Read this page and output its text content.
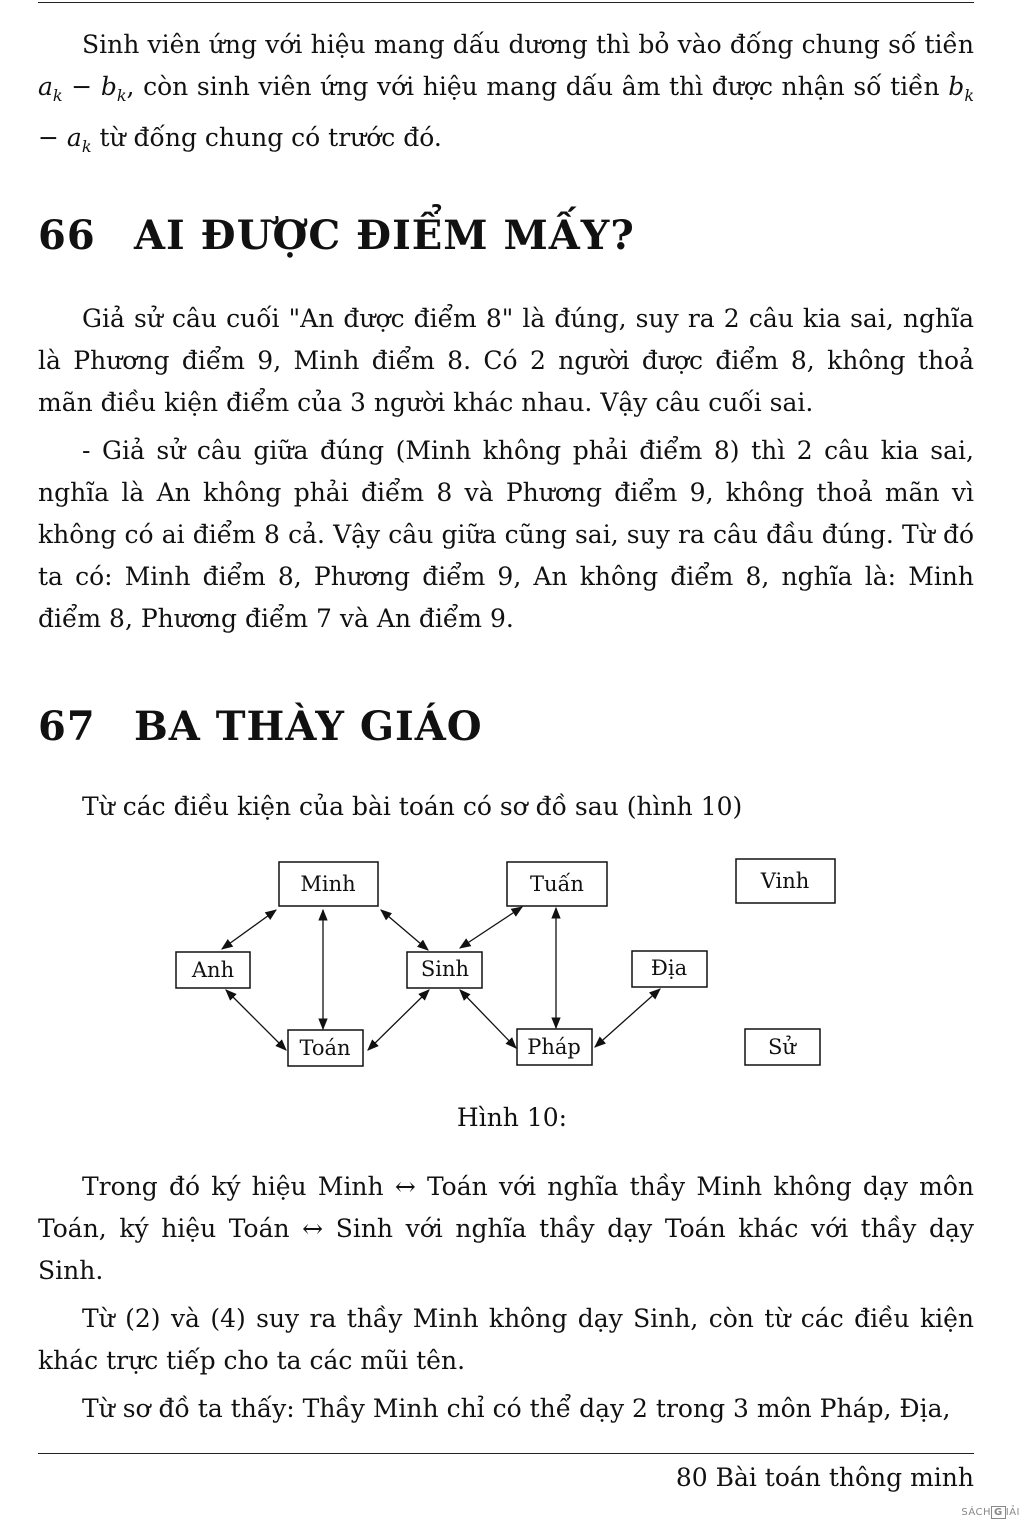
Sinh viên ứng với hiệu mang dấu dương thì bỏ vào đống chung số tiền $a_k - b_k$, còn sinh viên ứng với hiệu mang dấu âm thì được nhận số tiền $b_k - a_k$ từ đống chung có trước đó.

66 AI ĐƯỢC ĐIỂM MẤY?

Giả sử câu cuối "An được điểm 8" là đúng, suy ra 2 câu kia sai, nghĩa là Phương điểm 9, Minh điểm 8. Có 2 người được điểm 8, không thoả mãn điều kiện điểm của 3 người khác nhau. Vậy câu cuối sai.

- Giả sử câu giữa đúng (Minh không phải điểm 8) thì 2 câu kia sai, nghĩa là An không phải điểm 8 và Phương điểm 9, không thoả mãn vì không có ai điểm 8 cả. Vậy câu giữa cũng sai, suy ra câu đầu đúng. Từ đó ta có: Minh điểm 8, Phương điểm 9, An không điểm 8, nghĩa là: Minh điểm 8, Phương điểm 7 và An điểm 9.

67 BA THÀY GIÁO

Từ các điều kiện của bài toán có sơ đồ sau (hình 10)

Minh	Tuấn	Vinh
Anh	Sinh	Địa
Toán	Pháp	Sử

Hình 10:

Trong đó ký hiệu Minh ↔ Toán với nghĩa thầy Minh không dạy môn Toán, ký hiệu Toán ↔ Sinh với nghĩa thầy dạy Toán khác với thầy dạy Sinh.

Từ (2) và (4) suy ra thầy Minh không dạy Sinh, còn từ các điều kiện khác trực tiếp cho ta các mũi tên.

Từ sơ đồ ta thấy: Thầy Minh chỉ có thể dạy 2 trong 3 môn Pháp, Địa,

80 Bài toán thông minh

SÁCH G IẢI
